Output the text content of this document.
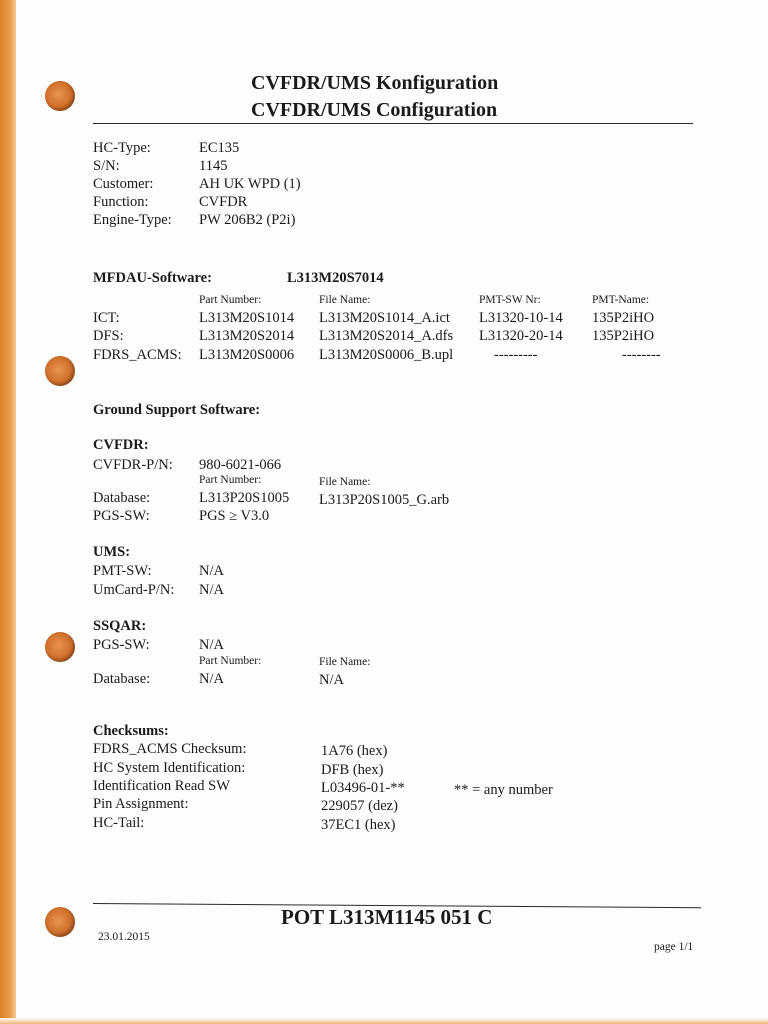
CVFDR/UMS Konfiguration
CVFDR/UMS Configuration
HC-Type:	EC135
S/N:	1145
Customer:	AH UK WPD (1)
Function:	CVFDR
Engine-Type: PW 206B2 (P2i)
MFDAU-Software:	L313M20S7014
Part Number:	File Name:	PMT-SW Nr:	PMT-Name:
ICT:	L313M20S1014 L313M20S1014_A.ict L31320-10-14 135P2iHO
DFS:	L313M20S2014 L313M20S2014_A.dfs L31320-20-14 135P2iHO
FDRS_ACMS: L313M20S0006 L313M20S0006_B.upl	---------	--------
Ground Support Software:
CVFDR:
CVFDR-P/N: 980-6021-066
Part Number:	File Name:
Database:	L313P20S1005 L313P20S1005_G.arb
PGS-SW:	PGS ≥ V3.0
UMS:
PMT-SW:	N/A
UmCard-P/N: N/A
SSQAR:
PGS-SW:	N/A
Part Number:	File Name:
Database:	N/A	N/A
Checksums:
FDRS_ACMS Checksum:	1A76 (hex)
HC System Identification:	DFB (hex)
Identification Read SW	L03496-01-**	** = any number
Pin Assignment:	229057 (dez)
HC-Tail:	37EC1 (hex)
POT L313M1145 051 C
23.01.2015
page 1/1
